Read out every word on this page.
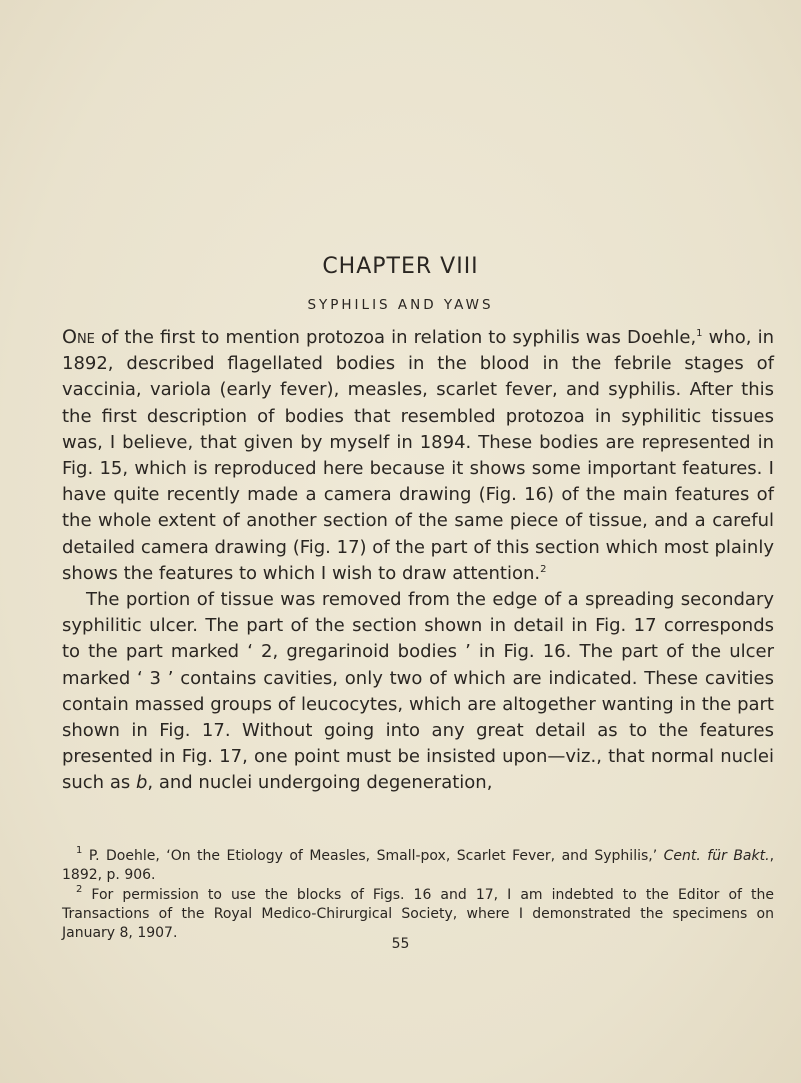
CHAPTER VIII
SYPHILIS AND YAWS

One of the first to mention protozoa in relation to syphilis was Doehle,$^1$ who, in 1892, described flagellated bodies in the blood in the febrile stages of vaccinia, variola (early fever), measles, scarlet fever, and syphilis. After this the first description of bodies that resembled protozoa in syphilitic tissues was, I believe, that given by myself in 1894. These bodies are represented in Fig. 15, which is reproduced here because it shows some important features. I have quite recently made a camera drawing (Fig. 16) of the main features of the whole extent of another section of the same piece of tissue, and a careful detailed camera drawing (Fig. 17) of the part of this section which most plainly shows the features to which I wish to draw attention.$^2$

The portion of tissue was removed from the edge of a spreading secondary syphilitic ulcer. The part of the section shown in detail in Fig. 17 corresponds to the part marked ‘ 2, gregarinoid bodies ’ in Fig. 16. The part of the ulcer marked ‘ 3 ’ contains cavities, only two of which are indicated. These cavities contain massed groups of leucocytes, which are altogether wanting in the part shown in Fig. 17. Without going into any great detail as to the features presented in Fig. 17, one point must be insisted upon—viz., that normal nuclei such as b, and nuclei undergoing degeneration,

$^1$ P. Doehle, ‘On the Etiology of Measles, Small-pox, Scarlet Fever, and Syphilis,’ Cent. für Bakt., 1892, p. 906.

$^2$ For permission to use the blocks of Figs. 16 and 17, I am indebted to the Editor of the Transactions of the Royal Medico-Chirurgical Society, where I demonstrated the specimens on January 8, 1907.

55
